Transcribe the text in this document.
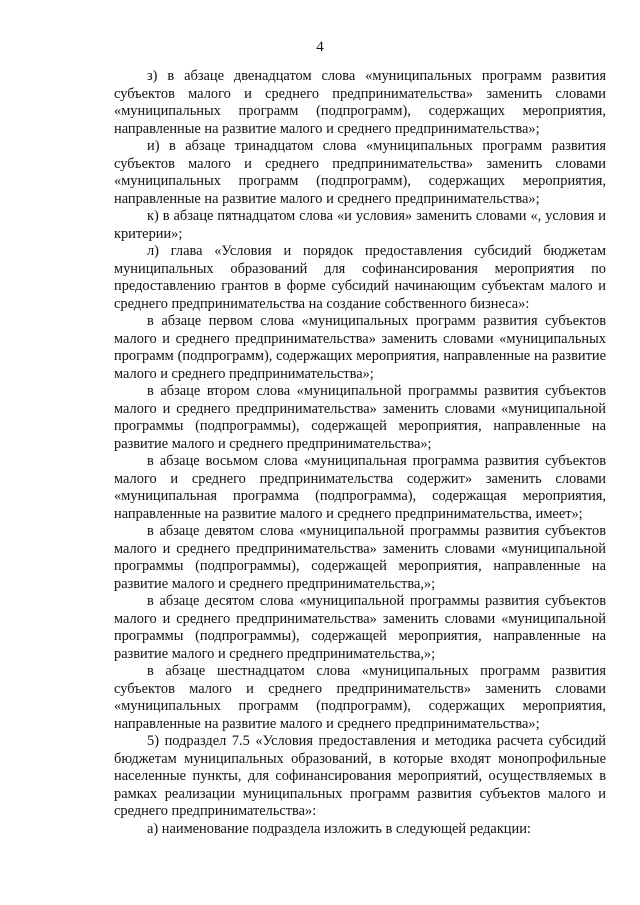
4

з) в абзаце двенадцатом слова «муниципальных программ развития субъектов малого и среднего предпринимательства» заменить словами «муниципальных программ (подпрограмм), содержащих мероприятия, направленные на развитие малого и среднего предпринимательства»;

и) в абзаце тринадцатом слова «муниципальных программ развития субъектов малого и среднего предпринимательства» заменить словами «муниципальных программ (подпрограмм), содержащих мероприятия, направленные на развитие малого и среднего предпринимательства»;

к) в абзаце пятнадцатом слова «и условия» заменить словами «, условия и критерии»;

л) глава «Условия и порядок предоставления субсидий бюджетам муниципальных образований для софинансирования мероприятия по предоставлению грантов в форме субсидий начинающим субъектам малого и среднего предпринимательства на создание собственного бизнеса»:

в абзаце первом слова «муниципальных программ развития субъектов малого и среднего предпринимательства» заменить словами «муниципальных программ (подпрограмм), содержащих мероприятия, направленные на развитие малого и среднего предпринимательства»;

в абзаце втором слова «муниципальной программы развития субъектов малого и среднего предпринимательства» заменить словами «муниципальной программы (подпрограммы), содержащей мероприятия, направленные на развитие малого и среднего предпринимательства»;

в абзаце восьмом слова «муниципальная программа развития субъектов малого и среднего предпринимательства содержит» заменить словами «муниципальная программа (подпрограмма), содержащая мероприятия, направленные на развитие малого и среднего предпринимательства, имеет»;

в абзаце девятом слова «муниципальной программы развития субъектов малого и среднего предпринимательства» заменить словами «муниципальной программы (подпрограммы), содержащей мероприятия, направленные на развитие малого и среднего предпринимательства,»;

в абзаце десятом слова «муниципальной программы развития субъектов малого и среднего предпринимательства» заменить словами «муниципальной программы (подпрограммы), содержащей мероприятия, направленные на развитие малого и среднего предпринимательства,»;

в абзаце шестнадцатом слова «муниципальных программ развития субъектов малого и среднего предпринимательств» заменить словами «муниципальных программ (подпрограмм), содержащих мероприятия, направленные на развитие малого и среднего предпринимательства»;

5) подраздел 7.5 «Условия предоставления и методика расчета субсидий бюджетам муниципальных образований, в которые входят монопрофильные населенные пункты, для софинансирования мероприятий, осуществляемых в рамках реализации муниципальных программ развития субъектов малого и среднего предпринимательства»:

а) наименование подраздела изложить в следующей редакции:
